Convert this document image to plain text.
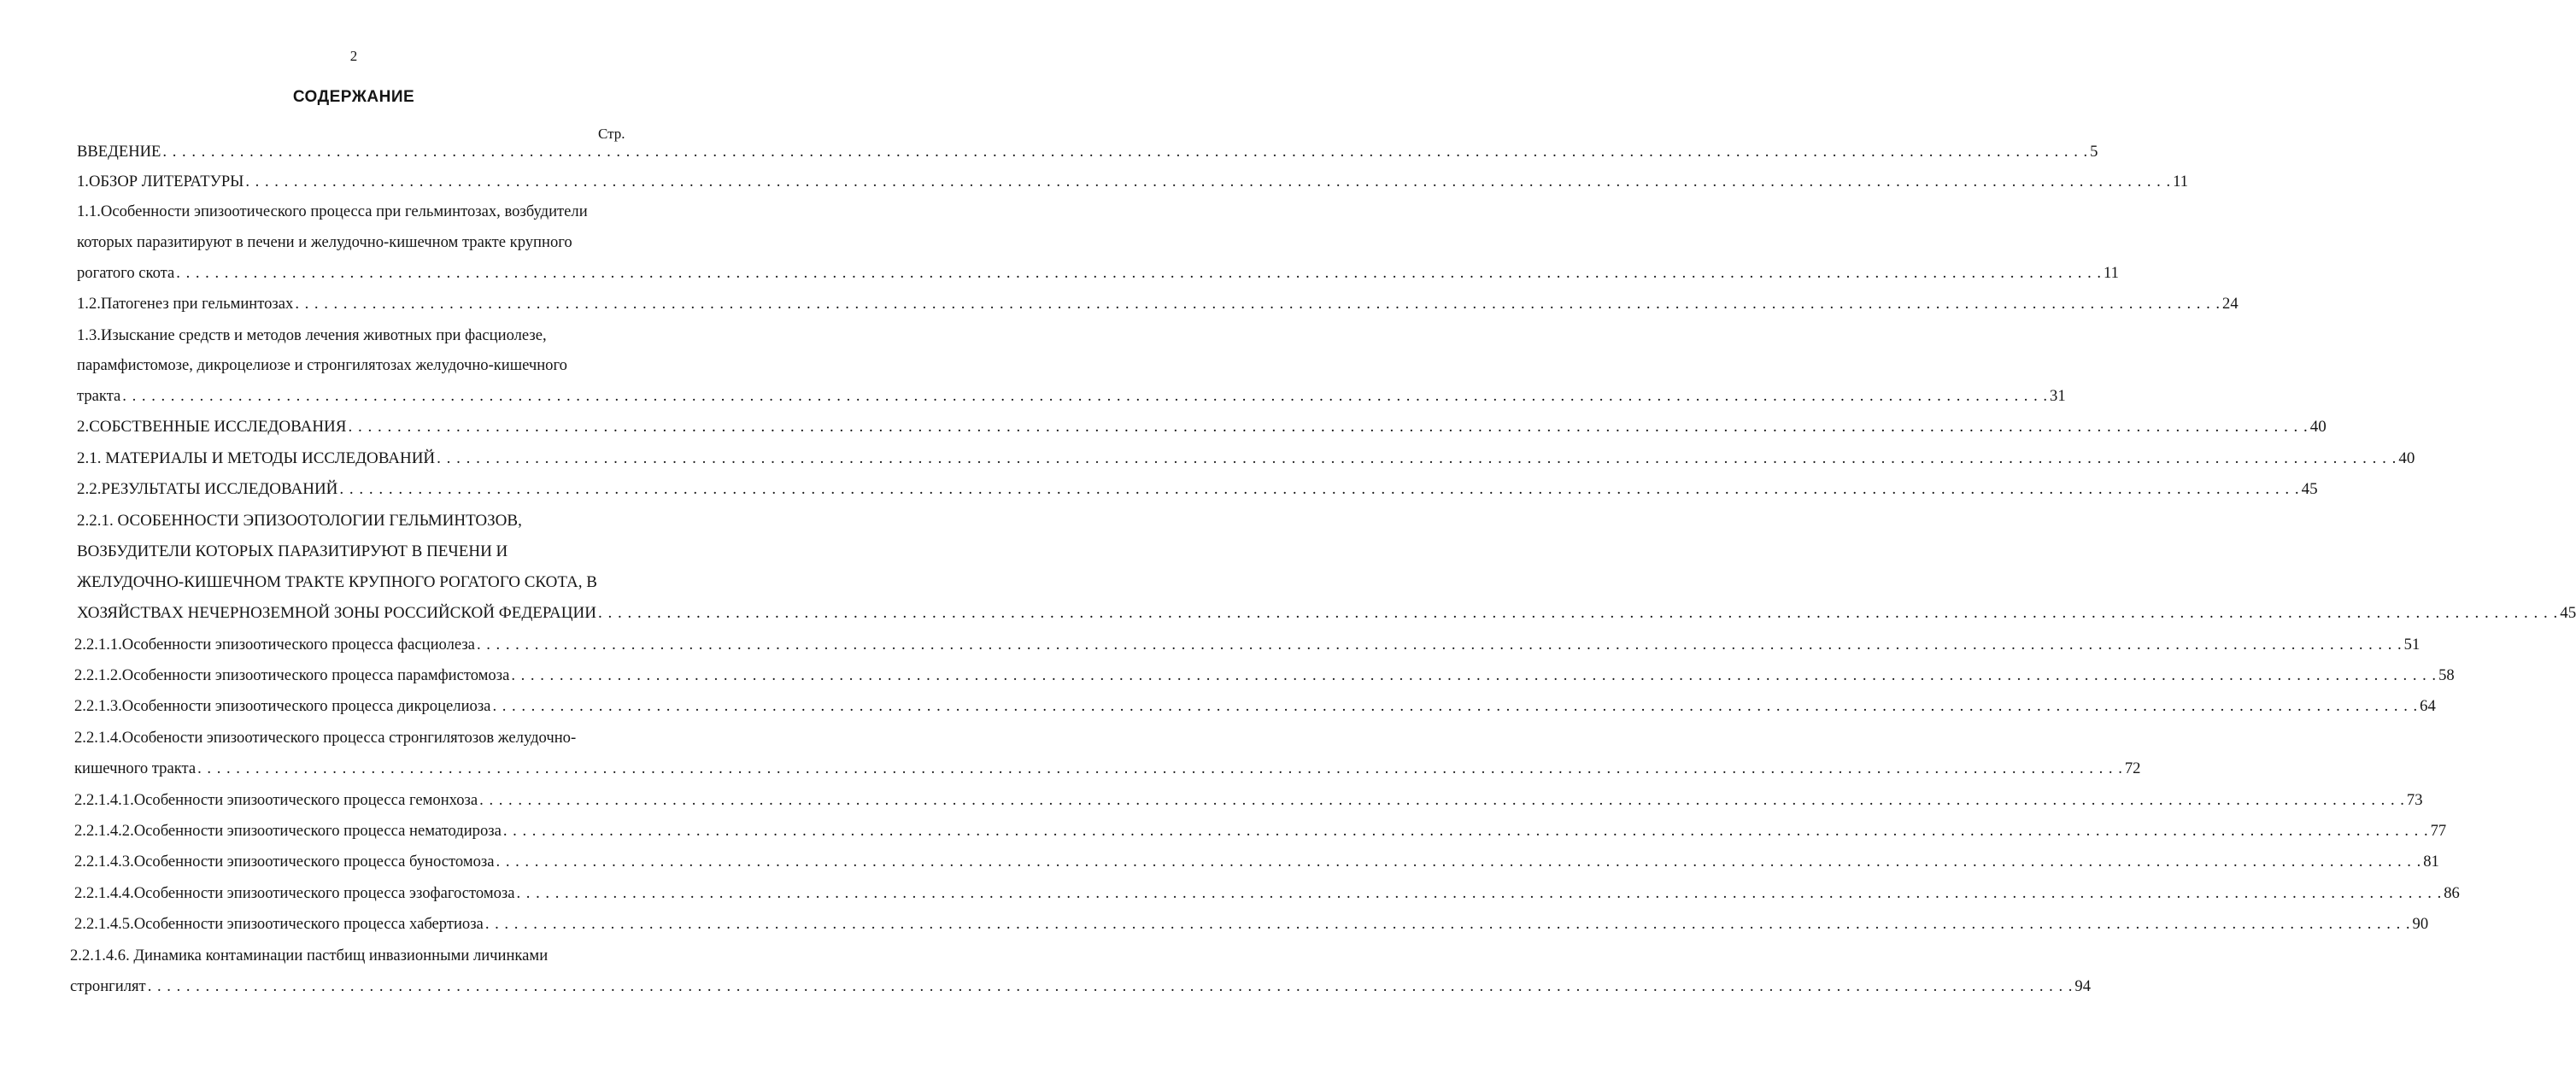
2
СОДЕРЖАНИЕ
Стр.
ВВЕДЕНИЕ . . . . . . . . . . . . . . . . . . . . . . . . . . . . . . . . . . . . . . . . . . . . . . . . . . . . . . . . . . . . . . . . . . . . . . . . . . . . . . . . . . . . . . . . . . . . . . . . . . . . . . . . . . . . . . . . . . . . . . . . . . . . . . . . . . . . . . . . . . . . . . . . . . . . . . . . . . . . . . . . . . . . . . . . . . . . . . . . . . . . . . . . . . . . . . . . . . . . . . . . 5
1.ОБЗОР ЛИТЕРАТУРЫ . . . . . . . . . . . . . . . . . . . . . . . . . . . . . . . . . . . . . . . . . . . . . . . . . . . . . . . . . . . . . . . . . . . . . . . . . . . . . . . . . . . . . . . . . . . . . . . . . . . . . . . . . . . . . . . . . . . . . . . . . . . . . . . . . . . . . . . . . . . . . . . . . . . . . . . . . . . . . . . . . . . . . . . . . . . . . . . . . . . . . . . . . . . . . . . . . . . . . . . . 11
1.1.Особенности эпизоотического процесса при гельминтозах, возбудители
которых паразитируют в печени и желудочно-кишечном тракте крупного
рогатого скота . . . . . . . . . . . . . . . . . . . . . . . . . . . . . . . . . . . . . . . . . . . . . . . . . . . . . . . . . . . . . . . . . . . . . . . . . . . . . . . . . . . . . . . . . . . . . . . . . . . . . . . . . . . . . . . . . . . . . . . . . . . . . . . . . . . . . . . . . . . . . . . . . . . . . . . . . . . . . . . . . . . . . . . . . . . . . . . . . . . . . . . . . . . . . . . . . . . . . . . . 11
1.2.Патогенез при гельминтозах . . . . . . . . . . . . . . . . . . . . . . . . . . . . . . . . . . . . . . . . . . . . . . . . . . . . . . . . . . . . . . . . . . . . . . . . . . . . . . . . . . . . . . . . . . . . . . . . . . . . . . . . . . . . . . . . . . . . . . . . . . . . . . . . . . . . . . . . . . . . . . . . . . . . . . . . . . . . . . . . . . . . . . . . . . . . . . . . . . . . . . . . . . . . . . . . . . . . . . . . 24
1.3.Изыскание средств и методов лечения животных при фасциолезе,
парамфистомозе, дикроцелиозе и стронгилятозах желудочно-кишечного
тракта . . . . . . . . . . . . . . . . . . . . . . . . . . . . . . . . . . . . . . . . . . . . . . . . . . . . . . . . . . . . . . . . . . . . . . . . . . . . . . . . . . . . . . . . . . . . . . . . . . . . . . . . . . . . . . . . . . . . . . . . . . . . . . . . . . . . . . . . . . . . . . . . . . . . . . . . . . . . . . . . . . . . . . . . . . . . . . . . . . . . . . . . . . . . . . . . . . . . . . . . 31
2.СОБСТВЕННЫЕ ИССЛЕДОВАНИЯ . . . . . . . . . . . . . . . . . . . . . . . . . . . . . . . . . . . . . . . . . . . . . . . . . . . . . . . . . . . . . . . . . . . . . . . . . . . . . . . . . . . . . . . . . . . . . . . . . . . . . . . . . . . . . . . . . . . . . . . . . . . . . . . . . . . . . . . . . . . . . . . . . . . . . . . . . . . . . . . . . . . . . . . . . . . . . . . . . . . . . . . . . . . . . . . . . . . . . . . . 40
2.1. МАТЕРИАЛЫ И МЕТОДЫ ИССЛЕДОВАНИЙ . . . . . . . . . . . . . . . . . . . . . . . . . . . . . . . . . . . . . . . . . . . . . . . . . . . . . . . . . . . . . . . . . . . . . . . . . . . . . . . . . . . . . . . . . . . . . . . . . . . . . . . . . . . . . . . . . . . . . . . . . . . . . . . . . . . . . . . . . . . . . . . . . . . . . . . . . . . . . . . . . . . . . . . . . . . . . . . . . . . . . . . . . . . . . . . . . . . . . . . . 40
2.2.РЕЗУЛЬТАТЫ ИССЛЕДОВАНИЙ . . . . . . . . . . . . . . . . . . . . . . . . . . . . . . . . . . . . . . . . . . . . . . . . . . . . . . . . . . . . . . . . . . . . . . . . . . . . . . . . . . . . . . . . . . . . . . . . . . . . . . . . . . . . . . . . . . . . . . . . . . . . . . . . . . . . . . . . . . . . . . . . . . . . . . . . . . . . . . . . . . . . . . . . . . . . . . . . . . . . . . . . . . . . . . . . . . . . . . . . 45
2.2.1. ОСОБЕННОСТИ ЭПИЗООТОЛОГИИ ГЕЛЬМИНТОЗОВ,
ВОЗБУДИТЕЛИ КОТОРЫХ ПАРАЗИТИРУЮТ В ПЕЧЕНИ И
ЖЕЛУДОЧНО-КИШЕЧНОМ ТРАКТЕ КРУПНОГО РОГАТОГО СКОТА, В
ХОЗЯЙСТВАХ НЕЧЕРНОЗЕМНОЙ ЗОНЫ РОССИЙСКОЙ ФЕДЕРАЦИИ . . . . . . . . . . . . . . . . . . . . . . . . . . . . . . . . . . . . . . . . . . . . . . . . . . . . . . . . . . . . . . . . . . . . . . . . . . . . . . . . . . . . . . . . . . . . . . . . . . . . . . . . . . . . . . . . . . . . . . . . . . . . . . . . . . . . . . . . . . . . . . . . . . . . . . . . . . . . . . . . . . . . . . . . . . . . . . . . . . . . . . . . . . . . . . . . . . . . . . . . 45
2.2.1.1.Особенности эпизоотического процесса фасциолеза . . . . . . . . . . . . . . . . . . . . . . . . . . . . . . . . . . . . . . . . . . . . . . . . . . . . . . . . . . . . . . . . . . . . . . . . . . . . . . . . . . . . . . . . . . . . . . . . . . . . . . . . . . . . . . . . . . . . . . . . . . . . . . . . . . . . . . . . . . . . . . . . . . . . . . . . . . . . . . . . . . . . . . . . . . . . . . . . . . . . . . . . . . . . . . . . . . . . . . . . 51
2.2.1.2.Особенности эпизоотического процесса парамфистомоза . . . . . . . . . . . . . . . . . . . . . . . . . . . . . . . . . . . . . . . . . . . . . . . . . . . . . . . . . . . . . . . . . . . . . . . . . . . . . . . . . . . . . . . . . . . . . . . . . . . . . . . . . . . . . . . . . . . . . . . . . . . . . . . . . . . . . . . . . . . . . . . . . . . . . . . . . . . . . . . . . . . . . . . . . . . . . . . . . . . . . . . . . . . . . . . . . . . . . . . . 58
2.2.1.3.Особенности эпизоотического процесса дикроцелиоза . . . . . . . . . . . . . . . . . . . . . . . . . . . . . . . . . . . . . . . . . . . . . . . . . . . . . . . . . . . . . . . . . . . . . . . . . . . . . . . . . . . . . . . . . . . . . . . . . . . . . . . . . . . . . . . . . . . . . . . . . . . . . . . . . . . . . . . . . . . . . . . . . . . . . . . . . . . . . . . . . . . . . . . . . . . . . . . . . . . . . . . . . . . . . . . . . . . . . . . . 64
2.2.1.4.Особености эпизоотического процесса стронгилятозов желудочно-
кишечного тракта . . . . . . . . . . . . . . . . . . . . . . . . . . . . . . . . . . . . . . . . . . . . . . . . . . . . . . . . . . . . . . . . . . . . . . . . . . . . . . . . . . . . . . . . . . . . . . . . . . . . . . . . . . . . . . . . . . . . . . . . . . . . . . . . . . . . . . . . . . . . . . . . . . . . . . . . . . . . . . . . . . . . . . . . . . . . . . . . . . . . . . . . . . . . . . . . . . . . . . . . 72
2.2.1.4.1.Особенности эпизоотического процесса гемонхоза . . . . . . . . . . . . . . . . . . . . . . . . . . . . . . . . . . . . . . . . . . . . . . . . . . . . . . . . . . . . . . . . . . . . . . . . . . . . . . . . . . . . . . . . . . . . . . . . . . . . . . . . . . . . . . . . . . . . . . . . . . . . . . . . . . . . . . . . . . . . . . . . . . . . . . . . . . . . . . . . . . . . . . . . . . . . . . . . . . . . . . . . . . . . . . . . . . . . . . . . 73
2.2.1.4.2.Особенности эпизоотического процесса нематодироза . . . . . . . . . . . . . . . . . . . . . . . . . . . . . . . . . . . . . . . . . . . . . . . . . . . . . . . . . . . . . . . . . . . . . . . . . . . . . . . . . . . . . . . . . . . . . . . . . . . . . . . . . . . . . . . . . . . . . . . . . . . . . . . . . . . . . . . . . . . . . . . . . . . . . . . . . . . . . . . . . . . . . . . . . . . . . . . . . . . . . . . . . . . . . . . . . . . . . . . . 77
2.2.1.4.3.Особенности эпизоотического процесса буностомоза . . . . . . . . . . . . . . . . . . . . . . . . . . . . . . . . . . . . . . . . . . . . . . . . . . . . . . . . . . . . . . . . . . . . . . . . . . . . . . . . . . . . . . . . . . . . . . . . . . . . . . . . . . . . . . . . . . . . . . . . . . . . . . . . . . . . . . . . . . . . . . . . . . . . . . . . . . . . . . . . . . . . . . . . . . . . . . . . . . . . . . . . . . . . . . . . . . . . . . . . 81
2.2.1.4.4.Особенности эпизоотического процесса эзофагостомоза . . . . . . . . . . . . . . . . . . . . . . . . . . . . . . . . . . . . . . . . . . . . . . . . . . . . . . . . . . . . . . . . . . . . . . . . . . . . . . . . . . . . . . . . . . . . . . . . . . . . . . . . . . . . . . . . . . . . . . . . . . . . . . . . . . . . . . . . . . . . . . . . . . . . . . . . . . . . . . . . . . . . . . . . . . . . . . . . . . . . . . . . . . . . . . . . . . . . . . . . 86
2.2.1.4.5.Особенности эпизоотического процесса хабертиоза . . . . . . . . . . . . . . . . . . . . . . . . . . . . . . . . . . . . . . . . . . . . . . . . . . . . . . . . . . . . . . . . . . . . . . . . . . . . . . . . . . . . . . . . . . . . . . . . . . . . . . . . . . . . . . . . . . . . . . . . . . . . . . . . . . . . . . . . . . . . . . . . . . . . . . . . . . . . . . . . . . . . . . . . . . . . . . . . . . . . . . . . . . . . . . . . . . . . . . . . 90
2.2.1.4.6. Динамика контаминации пастбищ инвазионными личинками
стронгилят . . . . . . . . . . . . . . . . . . . . . . . . . . . . . . . . . . . . . . . . . . . . . . . . . . . . . . . . . . . . . . . . . . . . . . . . . . . . . . . . . . . . . . . . . . . . . . . . . . . . . . . . . . . . . . . . . . . . . . . . . . . . . . . . . . . . . . . . . . . . . . . . . . . . . . . . . . . . . . . . . . . . . . . . . . . . . . . . . . . . . . . . . . . . . . . . . . . . . . . . 94
